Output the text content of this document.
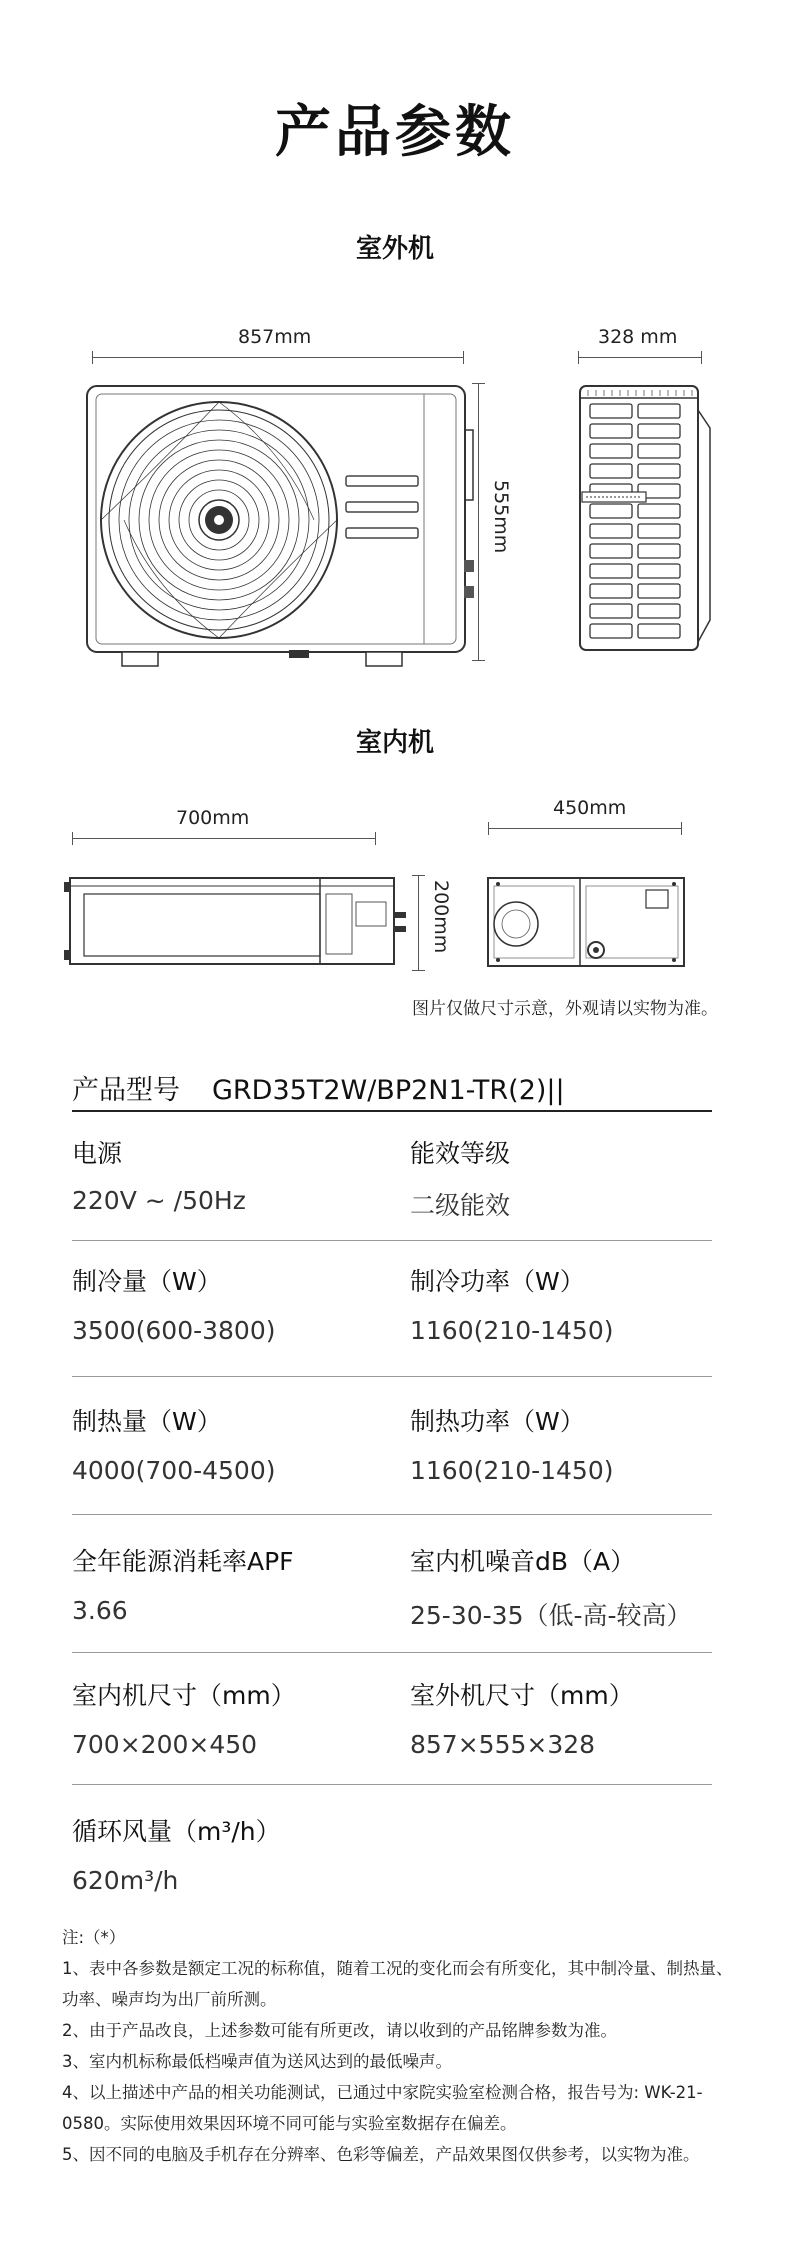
产品参数
室外机
857mm	328 mm
555mm
室内机
700mm	450mm
200mm
图片仅做尺寸示意，外观请以实物为准。
产品型号 GRD35T2W/BP2N1-TR(2)||
电源
220V ~ /50Hz
能效等级
二级能效
制冷量（W）
3500(600-3800)
制冷功率（W）
1160(210-1450)
制热量（W）
4000(700-4500)
制热功率（W）
1160(210-1450)
全年能源消耗率APF
3.66
室内机噪音dB（A）
25-30-35（低-高-较高）
室内机尺寸（mm）
700×200×450
室外机尺寸（mm）
857×555×328
循环风量（m³/h）
620m³/h
注:（*）
1、表中各参数是额定工况的标称值，随着工况的变化而会有所变化，其中制冷量、制热量、功率、噪声均为出厂前所测。
2、由于产品改良，上述参数可能有所更改，请以收到的产品铭牌参数为准。
3、室内机标称最低档噪声值为送风达到的最低噪声。
4、以上描述中产品的相关功能测试，已通过中家院实验室检测合格，报告号为: WK-21-0580。实际使用效果因环境不同可能与实验室数据存在偏差。
5、因不同的电脑及手机存在分辨率、色彩等偏差，产品效果图仅供参考，以实物为准。
